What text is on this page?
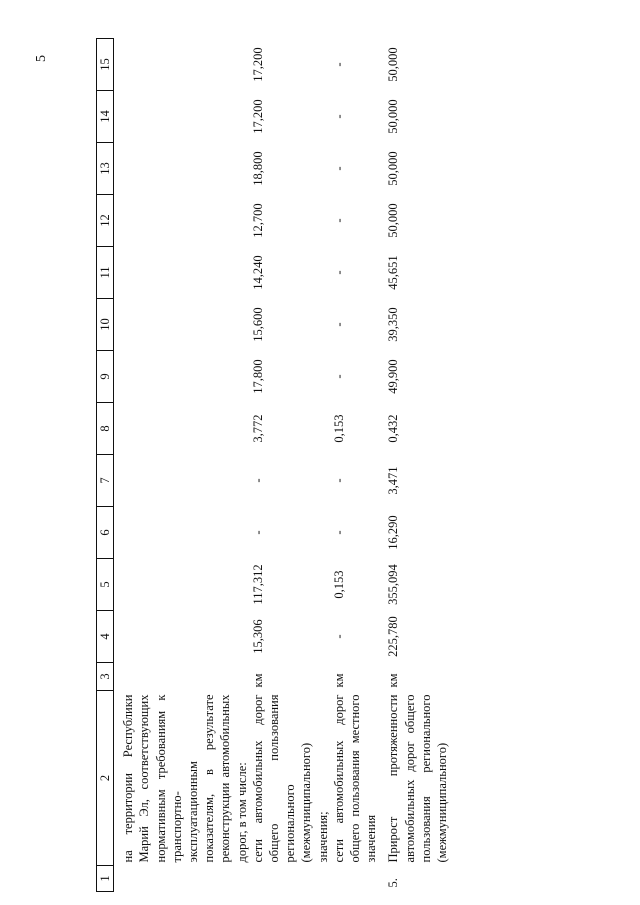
5
1	2	3	4	5	6	7	8	9	10	11	12	13	14	15

	на территории Республики Марий Эл, соответствующих нормативным требованиям к транспортно-эксплуатационным показателям, в результате реконструкции автомобильных дорог, в том числе:													
	сети автомобильных дорог общего пользования регионального (межмуниципального) значения;	км	15,306	117,312	-	-	3,772	17,800	15,600	14,240	12,700	18,800	17,200	17,200
	сети автомобильных дорог общего пользования местного значения	км	-	0,153	-	-	0,153	-	-	-	-	-	-	-

5.	Прирост протяженности автомобильных дорог общего пользования регионального (межмуниципального)	км	225,780	355,094	16,290	3,471	0,432	49,900	39,350	45,651	50,000	50,000	50,000	50,000
